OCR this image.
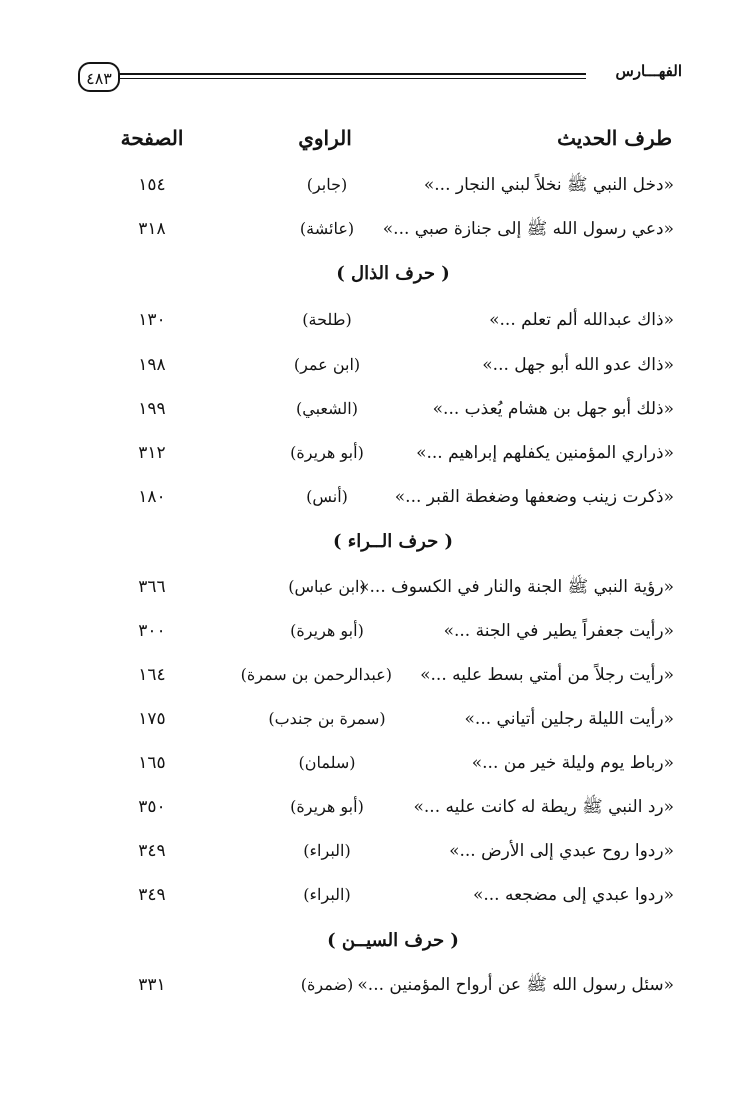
الفهـــارس
٤٨٣
طرف الحديث
الراوي
الصفحة
«دخل النبي ﷺ نخلاً لبني النجار ...»
(جابر)
١٥٤
«دعي رسول الله ﷺ إلى جنازة صبي ...»
(عائشة)
٣١٨
( حرف الذال )
«ذاك عبدالله ألم تعلم ...»
(طلحة)
١٣٠
«ذاك عدو الله أبو جهل ...»
(ابن عمر)
١٩٨
«ذلك أبو جهل بن هشام يُعذب ...»
(الشعبي)
١٩٩
«ذراري المؤمنين يكفلهم إبراهيم ...»
(أبو هريرة)
٣١٢
«ذكرت زينب وضعفها وضغطة القبر ...»
(أنس)
١٨٠
( حرف الــراء )
«رؤية النبي ﷺ الجنة والنار في الكسوف ...»
(ابن عباس)
٣٦٦
«رأيت جعفراً يطير في الجنة ...»
(أبو هريرة)
٣٠٠
«رأيت رجلاً من أمتي بسط عليه ...»
(عبدالرحمن بن سمرة)
١٦٤
«رأيت الليلة رجلين أتياني ...»
(سمرة بن جندب)
١٧٥
«رباط يوم وليلة خير من ...»
(سلمان)
١٦٥
«رد النبي ﷺ ريطة له كانت عليه ...»
(أبو هريرة)
٣٥٠
«ردوا روح عبدي إلى الأرض ...»
(البراء)
٣٤٩
«ردوا عبدي إلى مضجعه ...»
(البراء)
٣٤٩
( حرف السيــن )
«سئل رسول الله ﷺ عن أرواح المؤمنين ...»
(ضمرة)
٣٣١
